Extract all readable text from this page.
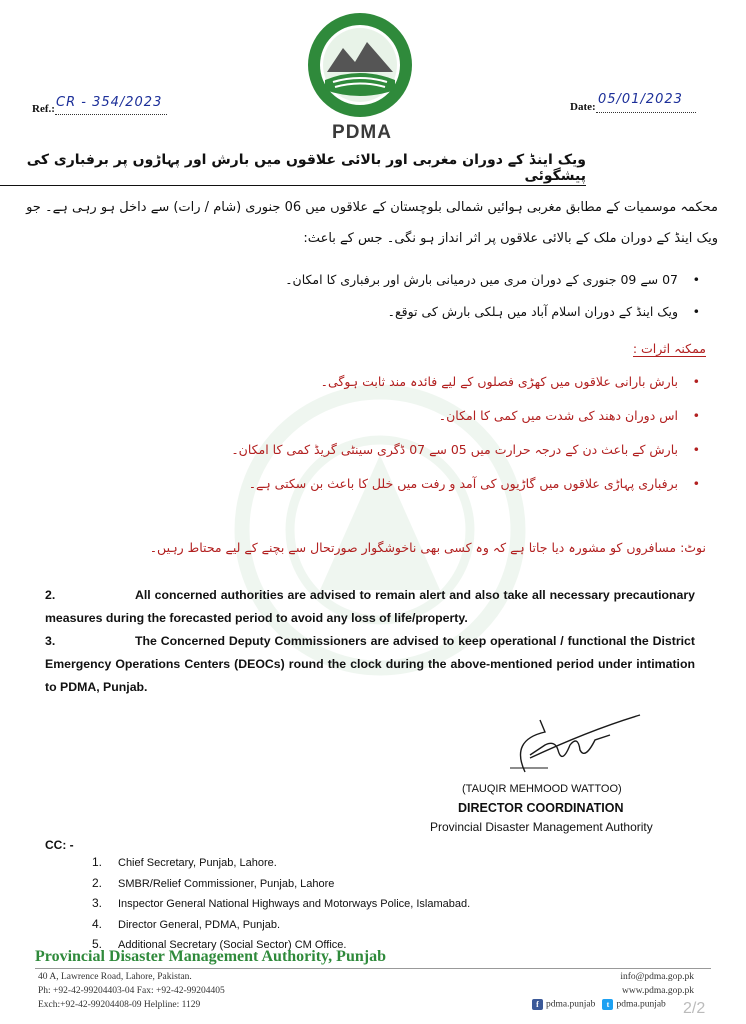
PDMA
Ref.: CR - 354/2023	Date: 05/01/2023
ویک اینڈ کے دوران مغربی اور بالائی علاقوں میں بارش اور پہاڑوں پر برفباری کی پیشگوئی
محکمہ موسمیات کے مطابق مغربی ہوائیں شمالی بلوچستان کے علاقوں میں 06 جنوری (شام / رات) سے داخل ہو رہی ہے۔ جو ویک اینڈ کے دوران ملک کے بالائی علاقوں پر اثر انداز ہو نگی۔ جس کے باعث:
• 07 سے 09 جنوری کے دوران مری میں درمیانی بارش اور برفباری کا امکان۔
• ویک اینڈ کے دوران اسلام آباد میں ہلکی بارش کی توقع۔
ممکنہ اثرات :
• بارش بارانی علاقوں میں کھڑی فصلوں کے لیے فائدہ مند ثابت ہوگی۔
• اس دوران دھند کی شدت میں کمی کا امکان۔
• بارش کے باعث دن کے درجہ حرارت میں 05 سے 07 ڈگری سینٹی گریڈ کمی کا امکان۔
• برفباری پہاڑی علاقوں میں گاڑیوں کی آمد و رفت میں خلل کا باعث بن سکتی ہے۔
نوٹ: مسافروں کو مشورہ دیا جاتا ہے کہ وہ کسی بھی ناخوشگوار صورتحال سے بچنے کے لیے محتاط رہیں۔
2.	All concerned authorities are advised to remain alert and also take all necessary precautionary measures during the forecasted period to avoid any loss of life/property.
3.	The Concerned Deputy Commissioners are advised to keep operational / functional the District Emergency Operations Centers (DEOCs) round the clock during the above-mentioned period under intimation to PDMA, Punjab.
(TAUQIR MEHMOOD WATTOO)
DIRECTOR COORDINATION
Provincial Disaster Management Authority
CC: -
1.	Chief Secretary, Punjab, Lahore.
2.	SMBR/Relief Commissioner, Punjab, Lahore
3.	Inspector General National Highways and Motorways Police, Islamabad.
4.	Director General, PDMA, Punjab.
5.	Additional Secretary (Social Sector) CM Office.
Provincial Disaster Management Authority, Punjab
40 A, Lawrence Road, Lahore, Pakistan.
Ph: +92-42-99204403-04 Fax: +92-42-99204405
Exch:+92-42-99204408-09 Helpline: 1129
info@pdma.gop.pk
www.pdma.gop.pk
f pdma.punjab t pdma.punjab 2/2
